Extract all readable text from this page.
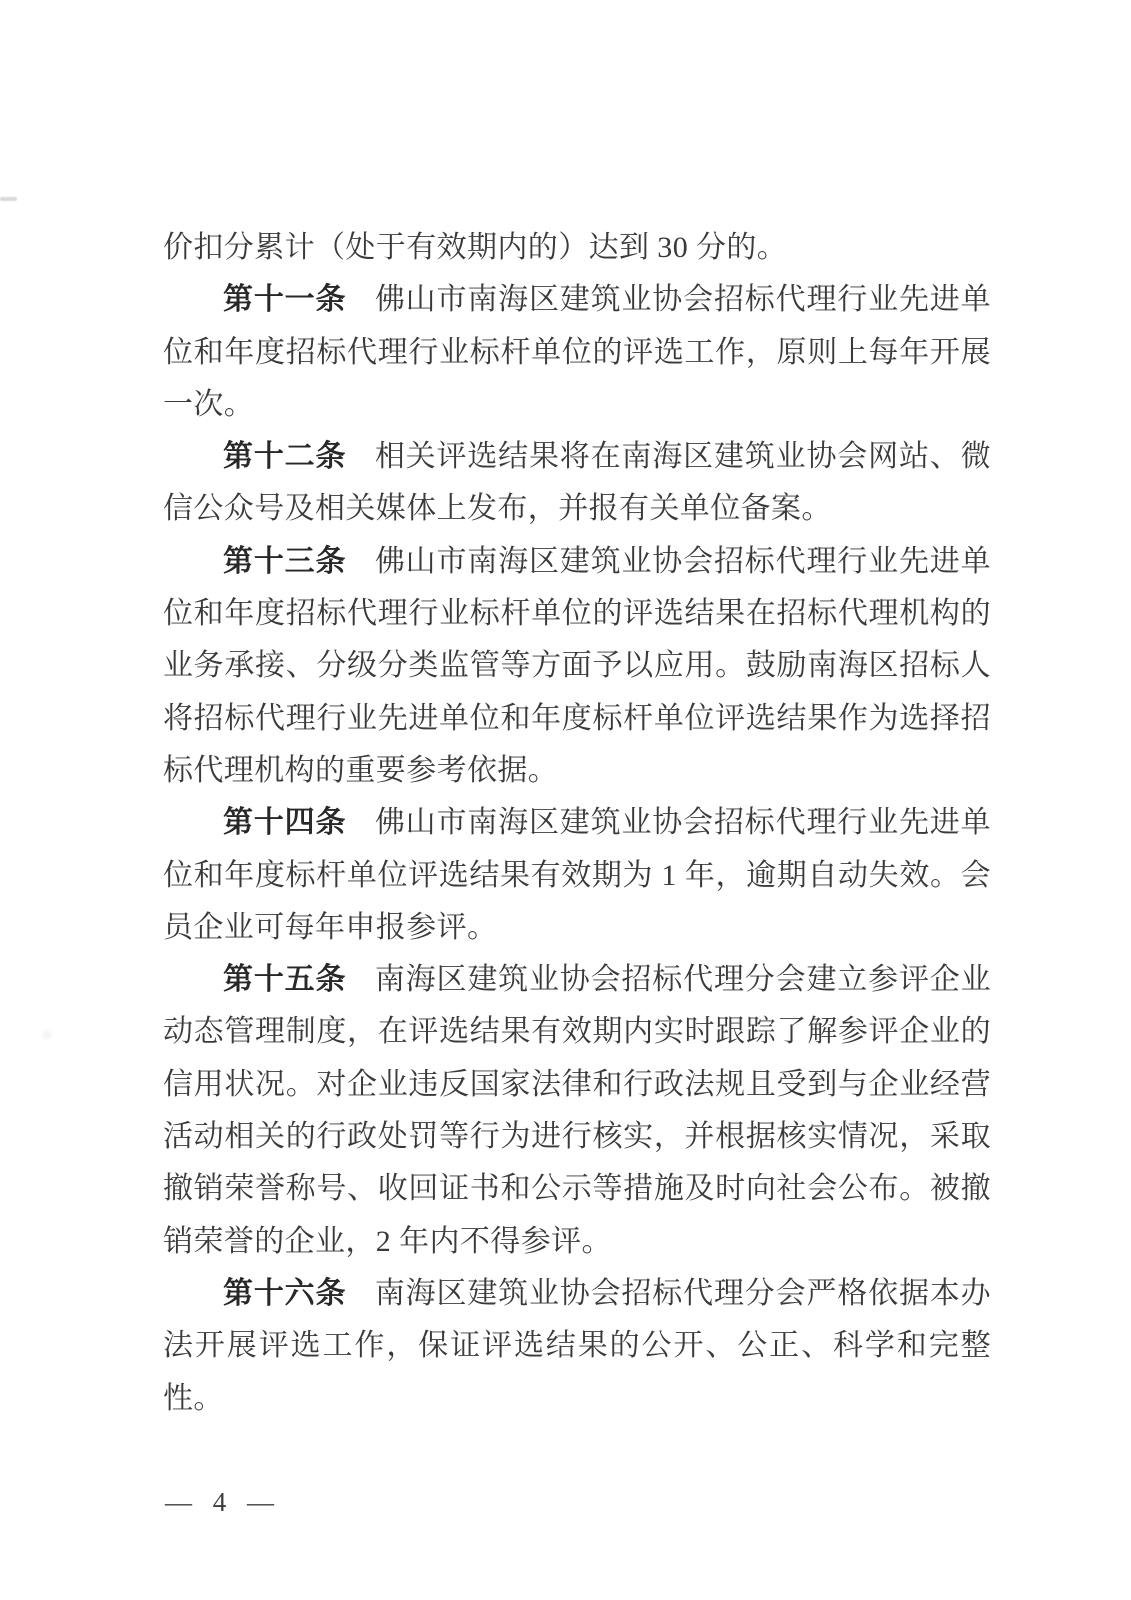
价扣分累计（处于有效期内的）达到 30 分的。

第十一条 佛山市南海区建筑业协会招标代理行业先进单位和年度招标代理行业标杆单位的评选工作，原则上每年开展一次。

第十二条 相关评选结果将在南海区建筑业协会网站、微信公众号及相关媒体上发布，并报有关单位备案。

第十三条 佛山市南海区建筑业协会招标代理行业先进单位和年度招标代理行业标杆单位的评选结果在招标代理机构的业务承接、分级分类监管等方面予以应用。鼓励南海区招标人将招标代理行业先进单位和年度标杆单位评选结果作为选择招标代理机构的重要参考依据。

第十四条 佛山市南海区建筑业协会招标代理行业先进单位和年度标杆单位评选结果有效期为 1 年，逾期自动失效。会员企业可每年申报参评。

第十五条 南海区建筑业协会招标代理分会建立参评企业动态管理制度，在评选结果有效期内实时跟踪了解参评企业的信用状况。对企业违反国家法律和行政法规且受到与企业经营活动相关的行政处罚等行为进行核实，并根据核实情况，采取撤销荣誉称号、收回证书和公示等措施及时向社会公布。被撤销荣誉的企业，2 年内不得参评。

第十六条 南海区建筑业协会招标代理分会严格依据本办法开展评选工作，保证评选结果的公开、公正、科学和完整性。

— 4 —
